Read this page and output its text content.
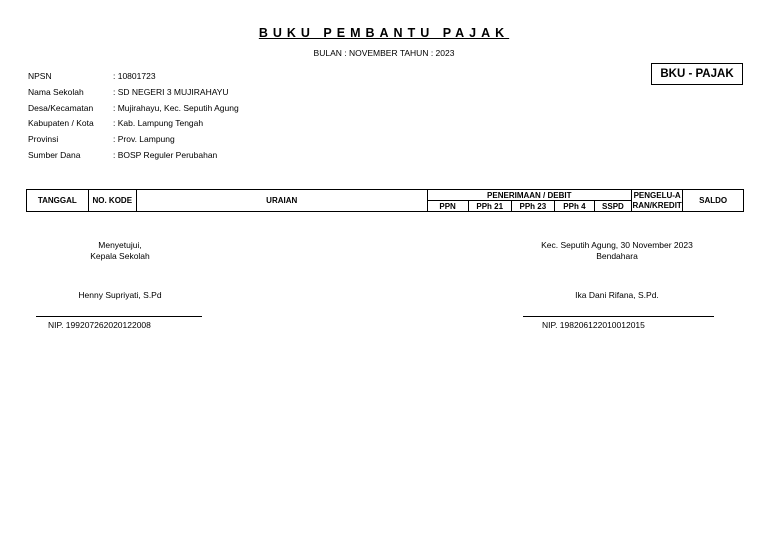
BUKU PEMBANTU PAJAK
BULAN : NOVEMBER TAHUN : 2023
BKU - PAJAK
NPSN	: 10801723
Nama Sekolah	: SD NEGERI 3 MUJIRAHAYU
Desa/Kecamatan : Mujirahayu, Kec. Seputih Agung
Kabupaten / Kota : Kab. Lampung Tengah
Provinsi	: Prov. Lampung
Sumber Dana	: BOSP Reguler Perubahan
TANGGAL	NO. KODE	URAIAN	PENERIMAAN / DEBIT					PENGELU-ARAN/KREDIT	SALDO
			PPN	PPh 21	PPh 23	PPh 4	SSPD		
Menyetujui,
Kepala Sekolah
Henny Supriyati, S.Pd
NIP. 199207262020122008
Kec. Seputih Agung, 30 November 2023
Bendahara
Ika Dani Rifana, S.Pd.
NIP. 198206122010012015
